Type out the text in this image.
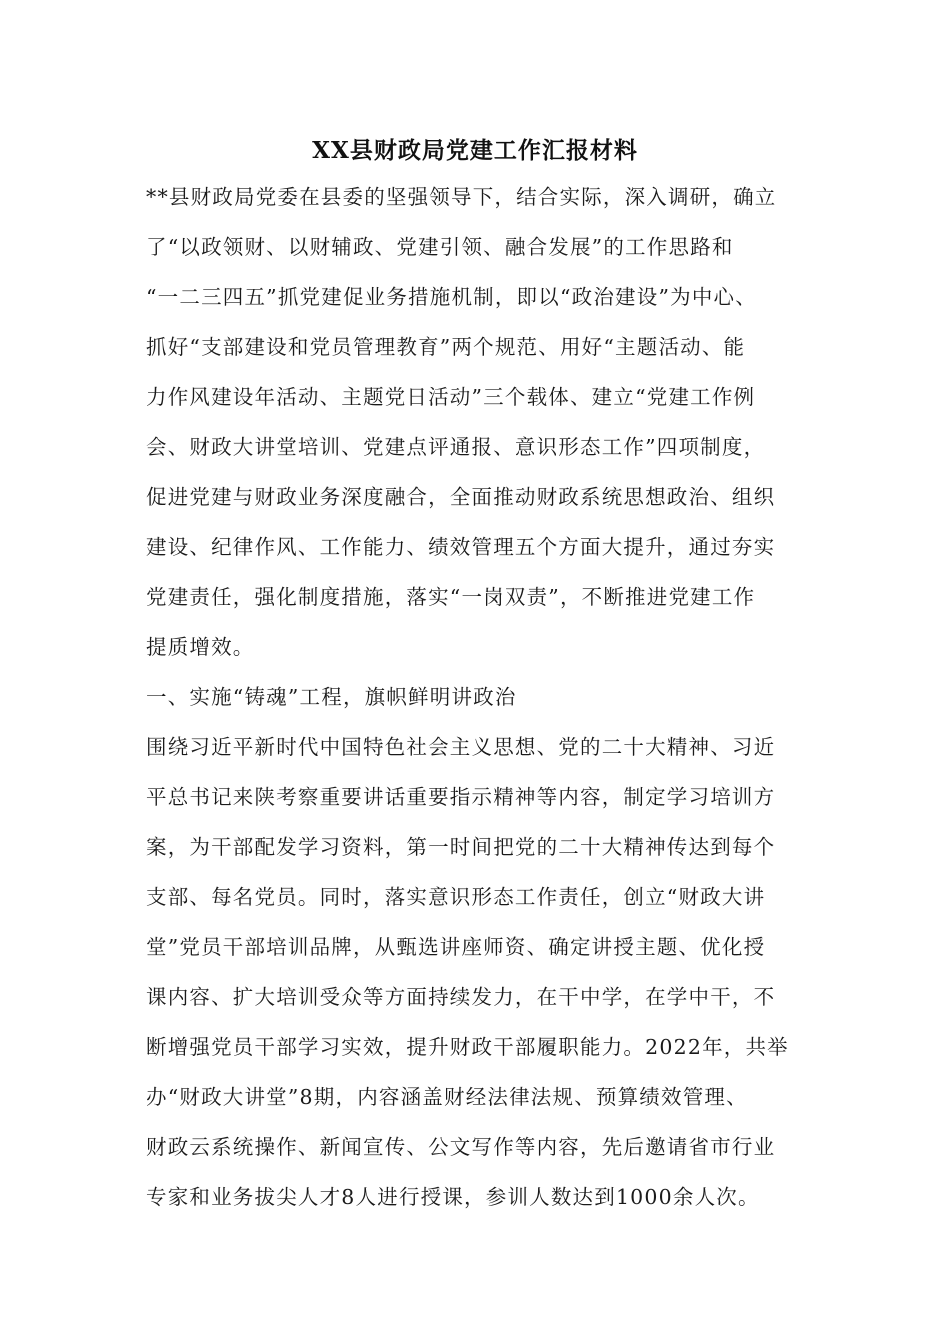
XX县财政局党建工作汇报材料
**县财政局党委在县委的坚强领导下，结合实际，深入调研，确立
了“以政领财、以财辅政、党建引领、融合发展”的工作思路和
“一二三四五”抓党建促业务措施机制，即以“政治建设”为中心、
抓好“支部建设和党员管理教育”两个规范、用好“主题活动、能
力作风建设年活动、主题党日活动”三个载体、建立“党建工作例
会、财政大讲堂培训、党建点评通报、意识形态工作”四项制度，
促进党建与财政业务深度融合，全面推动财政系统思想政治、组织
建设、纪律作风、工作能力、绩效管理五个方面大提升，通过夯实
党建责任，强化制度措施，落实“一岗双责”，不断推进党建工作
提质增效。
一、实施“铸魂”工程，旗帜鲜明讲政治
围绕习近平新时代中国特色社会主义思想、党的二十大精神、习近
平总书记来陕考察重要讲话重要指示精神等内容，制定学习培训方
案，为干部配发学习资料，第一时间把党的二十大精神传达到每个
支部、每名党员。同时，落实意识形态工作责任，创立“财政大讲
堂”党员干部培训品牌，从甄选讲座师资、确定讲授主题、优化授
课内容、扩大培训受众等方面持续发力，在干中学，在学中干，不
断增强党员干部学习实效，提升财政干部履职能力。2022年，共举
办“财政大讲堂”8期，内容涵盖财经法律法规、预算绩效管理、
财政云系统操作、新闻宣传、公文写作等内容，先后邀请省市行业
专家和业务拔尖人才8人进行授课，参训人数达到1000余人次。
